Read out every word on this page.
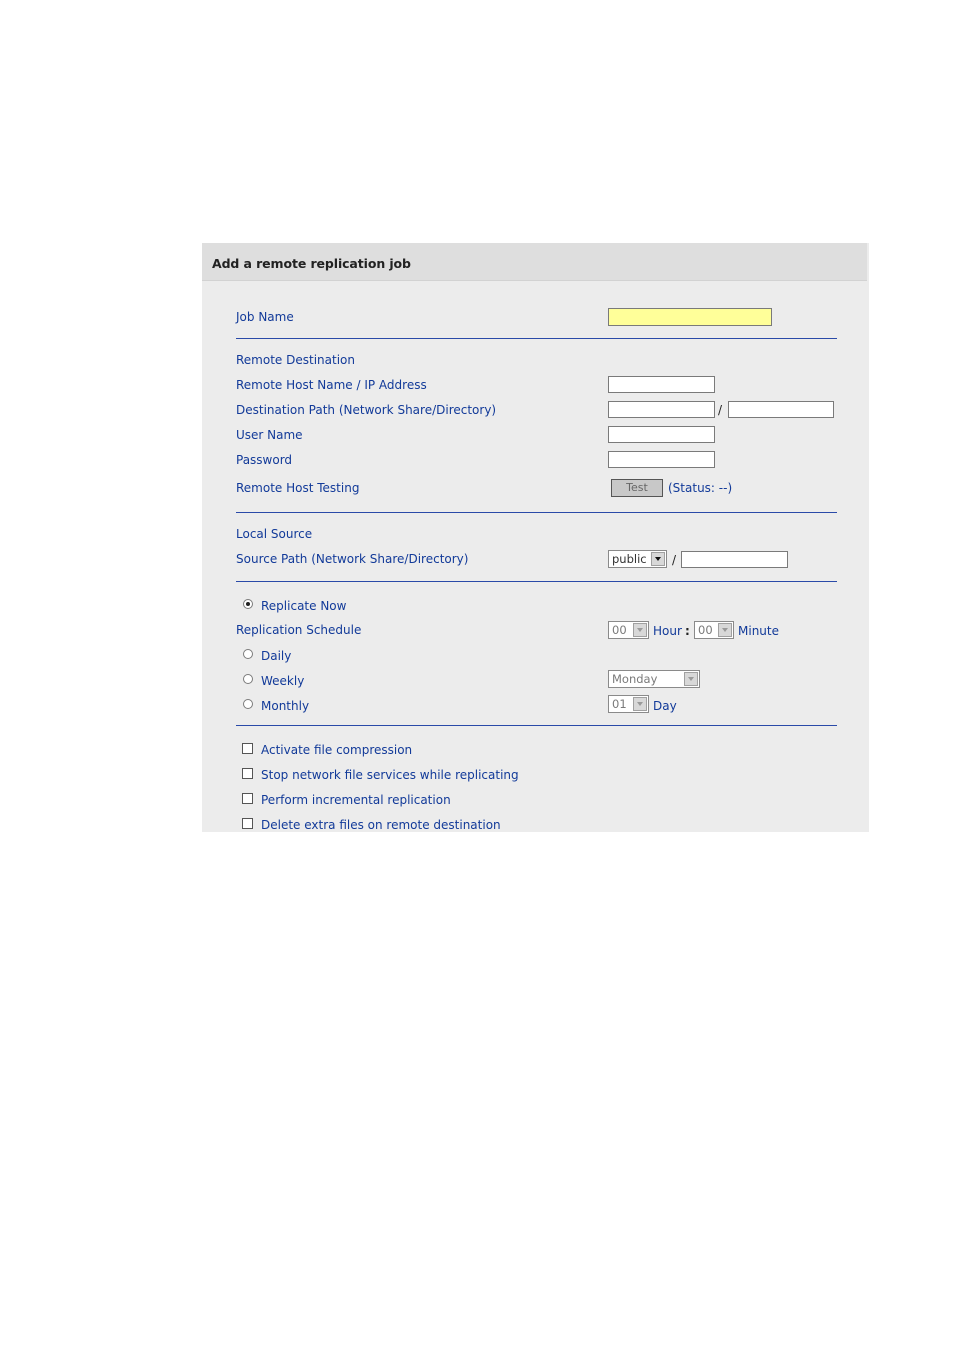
Add a remote replication job
Job Name
Remote Destination
Remote Host Name / IP Address
Destination Path (Network Share/Directory)	/
User Name
Password
Remote Host Testing	Test	(Status: --)
Local Source
Source Path (Network Share/Directory)	public /
Replicate Now
Replication Schedule	00 Hour : 00 Minute
Daily
Weekly	Monday
Monthly	01 Day
Activate file compression
Stop network file services while replicating
Perform incremental replication
Delete extra files on remote destination
